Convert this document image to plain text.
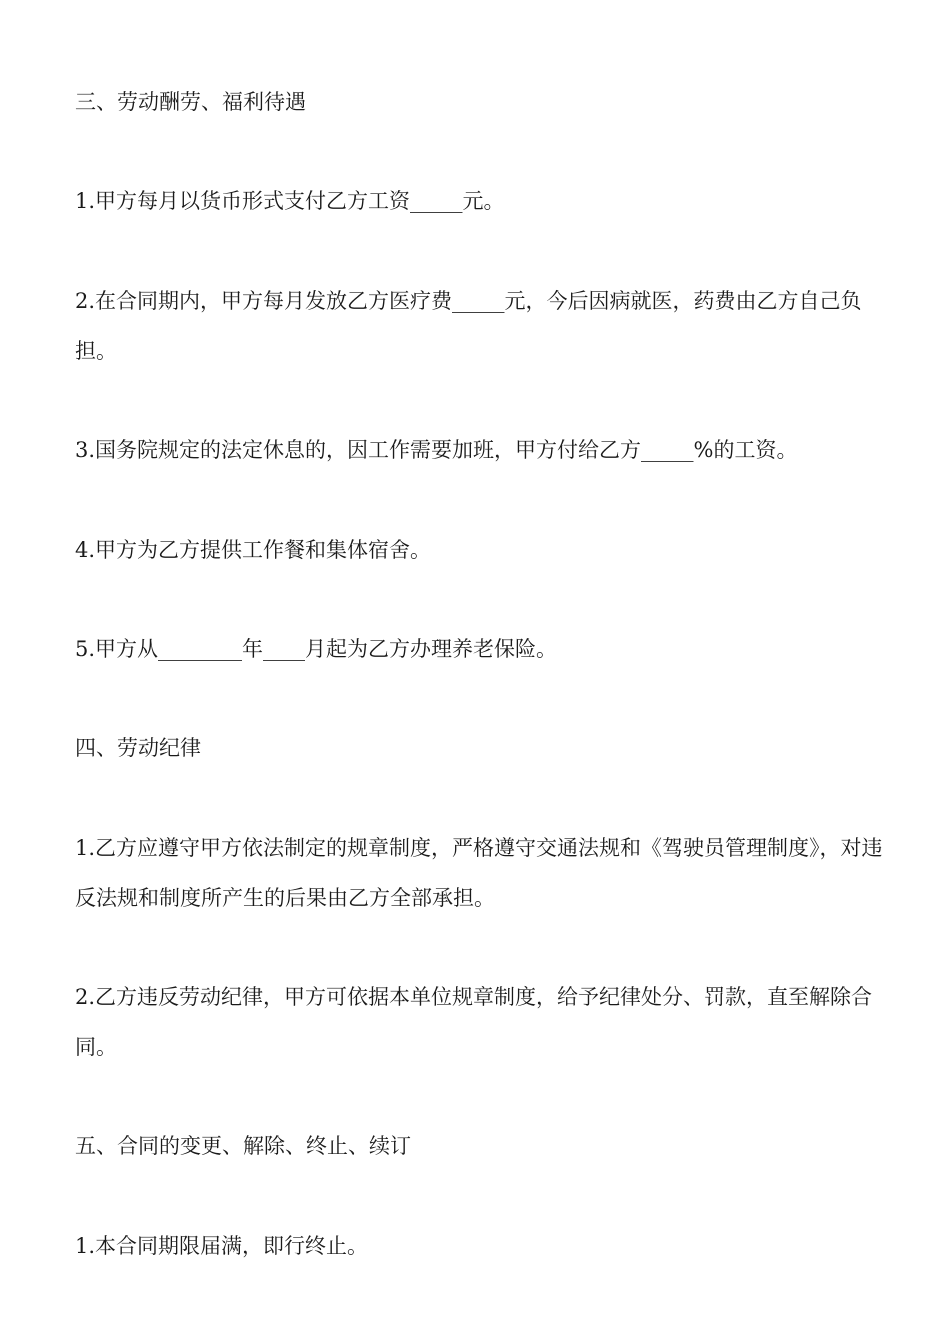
三、劳动酬劳、福利待遇

1.甲方每月以货币形式支付乙方工资_____元。

2.在合同期内，甲方每月发放乙方医疗费_____元，今后因病就医，药费由乙方自己负担。

3.国务院规定的法定休息的，因工作需要加班，甲方付给乙方_____%的工资。

4.甲方为乙方提供工作餐和集体宿舍。

5.甲方从________年____月起为乙方办理养老保险。

四、劳动纪律

1.乙方应遵守甲方依法制定的规章制度，严格遵守交通法规和《驾驶员管理制度》，对违反法规和制度所产生的后果由乙方全部承担。

2.乙方违反劳动纪律，甲方可依据本单位规章制度，给予纪律处分、罚款，直至解除合同。

五、合同的变更、解除、终止、续订

1.本合同期限届满，即行终止。
